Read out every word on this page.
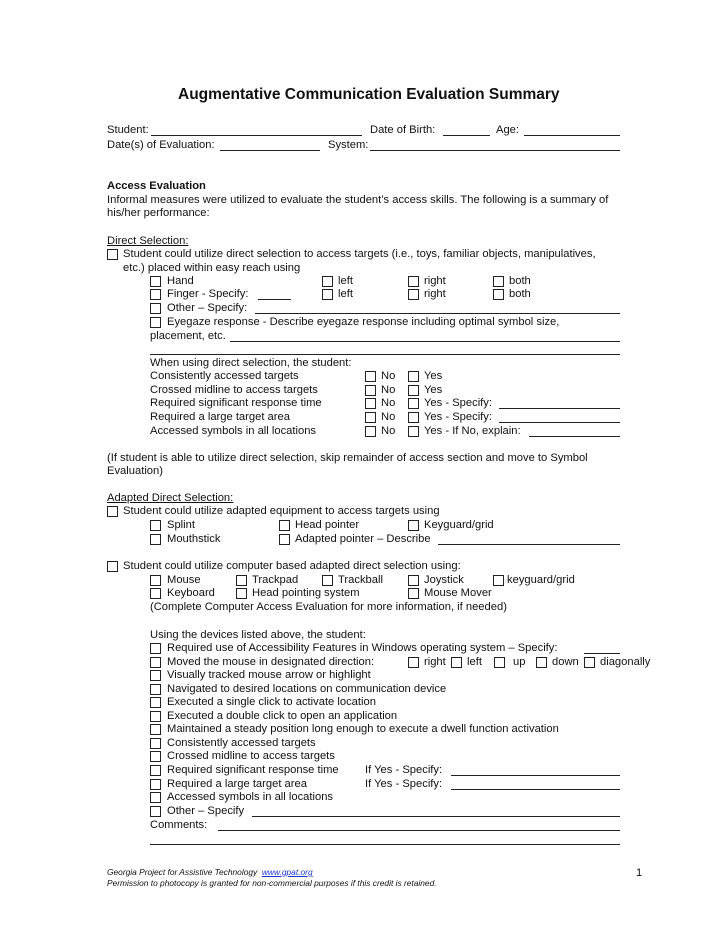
Augmentative Communication Evaluation Summary
Student:	Date of Birth:	Age:
Date(s) of Evaluation:	System:
Access Evaluation
Informal measures were utilized to evaluate the student’s access skills. The following is a summary of
his/her performance:
Direct Selection:
Student could utilize direct selection to access targets (i.e., toys, familiar objects, manipulatives,
etc.) placed within easy reach using
Hand	left	right	both
Finger - Specify:	left	right	both
Other – Specify:
Eyegaze response - Describe eyegaze response including optimal symbol size,
placement, etc.
When using direct selection, the student:
Consistently accessed targets	No	Yes
Crossed midline to access targets	No	Yes
Required significant response time	No	Yes - Specify:
Required a large target area	No	Yes - Specify:
Accessed symbols in all locations	No	Yes - If No, explain:
(If student is able to utilize direct selection, skip remainder of access section and move to Symbol
Evaluation)
Adapted Direct Selection:
Student could utilize adapted equipment to access targets using
Splint	Head pointer	Keyguard/grid
Mouthstick	Adapted pointer – Describe
Student could utilize computer based adapted direct selection using:
Mouse	Trackpad	Trackball	Joystick	keyguard/grid
Keyboard	Head pointing system	Mouse Mover
(Complete Computer Access Evaluation for more information, if needed)
Using the devices listed above, the student:
Required use of Accessibility Features in Windows operating system – Specify:
Moved the mouse in designated direction:	right left	up down diagonally
Visually tracked mouse arrow or highlight
Navigated to desired locations on communication device
Executed a single click to activate location
Executed a double click to open an application
Maintained a steady position long enough to execute a dwell function activation
Consistently accessed targets
Crossed midline to access targets
Required significant response time If Yes - Specify:
Required a large target area	If Yes - Specify:
Accessed symbols in all locations
Other – Specify
Comments:
Georgia Project for Assistive Technology www.gpat.org
Permission to photocopy is granted for non-commercial purposes if this credit is retained.
1
